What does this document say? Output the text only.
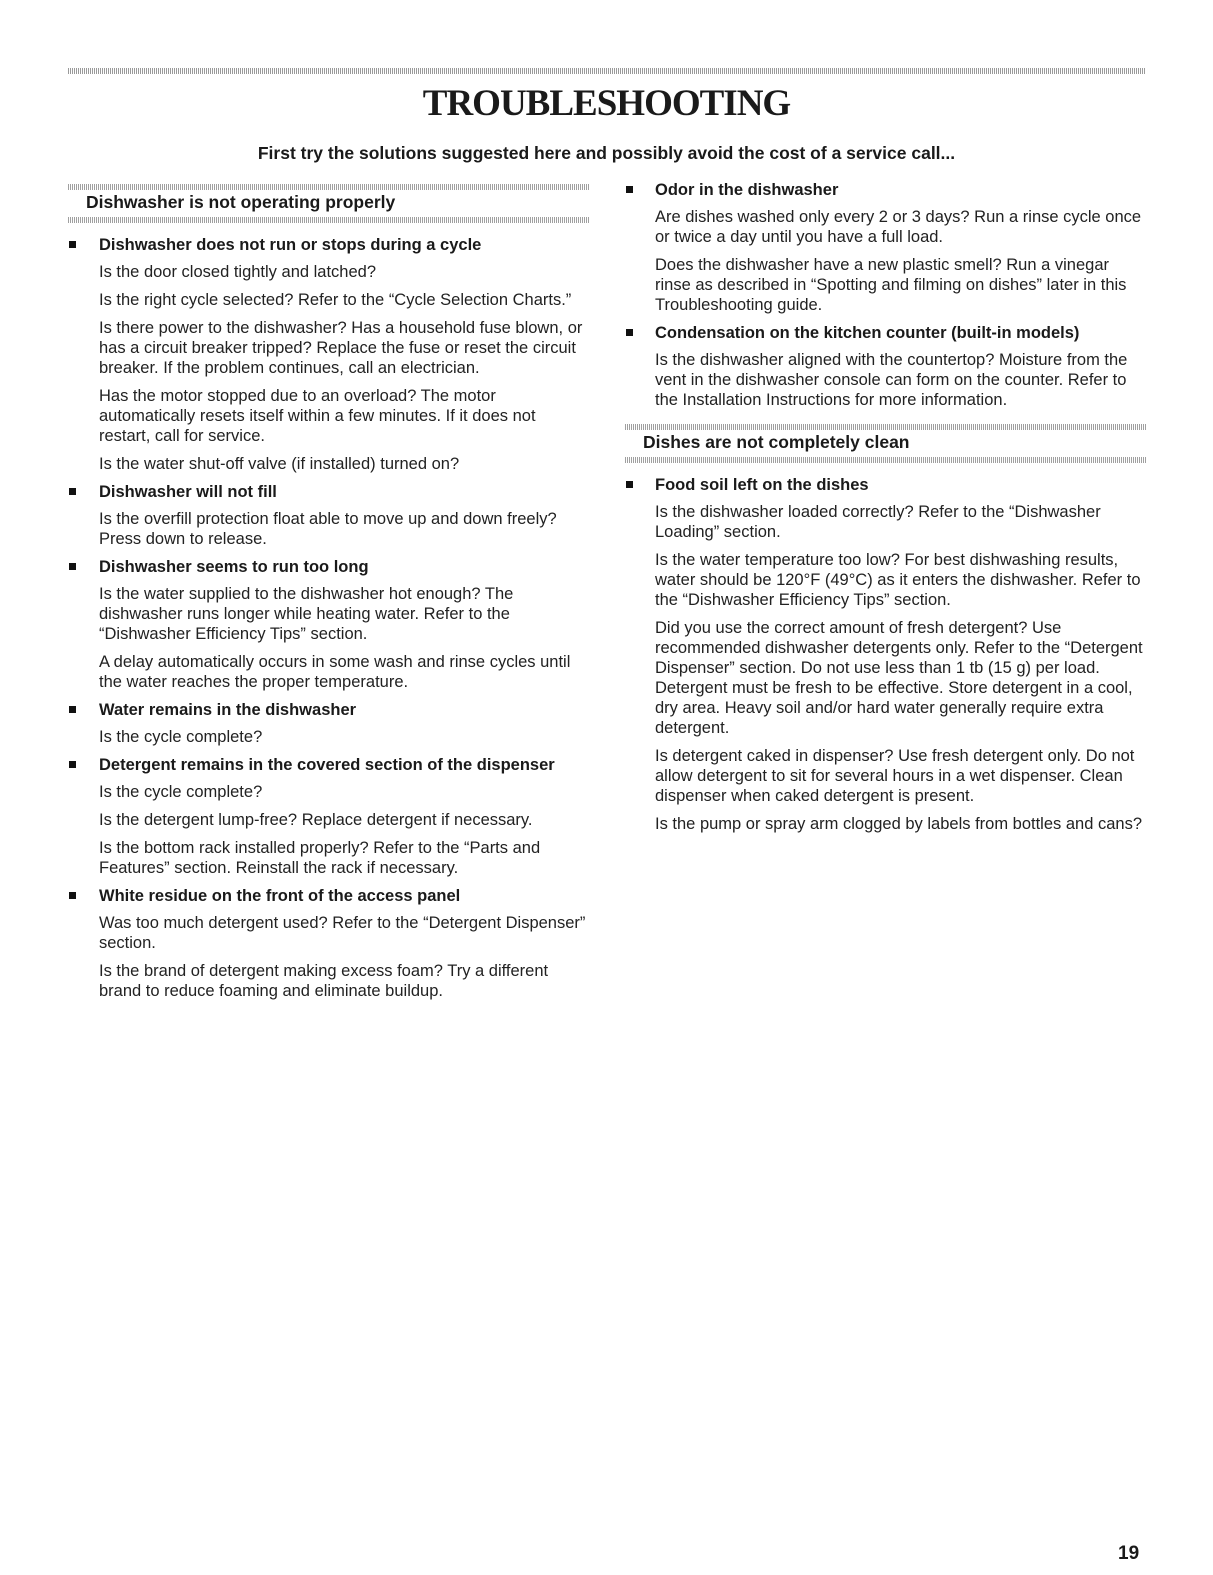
TROUBLESHOOTING

First try the solutions suggested here and possibly avoid the cost of a service call...

Dishwasher is not operating properly
Dishwasher does not run or stops during a cycle

Is the door closed tightly and latched?

Is the right cycle selected? Refer to the “Cycle Selection Charts.”

Is there power to the dishwasher? Has a household fuse blown, or has a circuit breaker tripped? Replace the fuse or reset the circuit breaker. If the problem continues, call an electrician.

Has the motor stopped due to an overload? The motor automatically resets itself within a few minutes. If it does not restart, call for service.

Is the water shut-off valve (if installed) turned on?

Dishwasher will not fill

Is the overfill protection float able to move up and down freely? Press down to release.

Dishwasher seems to run too long

Is the water supplied to the dishwasher hot enough? The dishwasher runs longer while heating water. Refer to the “Dishwasher Efficiency Tips” section.

A delay automatically occurs in some wash and rinse cycles until the water reaches the proper temperature.

Water remains in the dishwasher

Is the cycle complete?

Detergent remains in the covered section of the dispenser

Is the cycle complete?

Is the detergent lump-free? Replace detergent if necessary.

Is the bottom rack installed properly? Refer to the “Parts and Features” section. Reinstall the rack if necessary.

White residue on the front of the access panel

Was too much detergent used? Refer to the “Detergent Dispenser” section.

Is the brand of detergent making excess foam? Try a different brand to reduce foaming and eliminate buildup.

Odor in the dishwasher

Are dishes washed only every 2 or 3 days? Run a rinse cycle once or twice a day until you have a full load.

Does the dishwasher have a new plastic smell? Run a vinegar rinse as described in “Spotting and filming on dishes” later in this Troubleshooting guide.

Condensation on the kitchen counter (built-in models)

Is the dishwasher aligned with the countertop? Moisture from the vent in the dishwasher console can form on the counter. Refer to the Installation Instructions for more information.

Dishes are not completely clean
Food soil left on the dishes

Is the dishwasher loaded correctly? Refer to the “Dishwasher Loading” section.

Is the water temperature too low? For best dishwashing results, water should be 120°F (49°C) as it enters the dishwasher. Refer to the “Dishwasher Efficiency Tips” section.

Did you use the correct amount of fresh detergent? Use recommended dishwasher detergents only. Refer to the “Detergent Dispenser” section. Do not use less than 1 tb (15 g) per load. Detergent must be fresh to be effective. Store detergent in a cool, dry area. Heavy soil and/or hard water generally require extra detergent.

Is detergent caked in dispenser? Use fresh detergent only. Do not allow detergent to sit for several hours in a wet dispenser. Clean dispenser when caked detergent is present.

Is the pump or spray arm clogged by labels from bottles and cans?

19
